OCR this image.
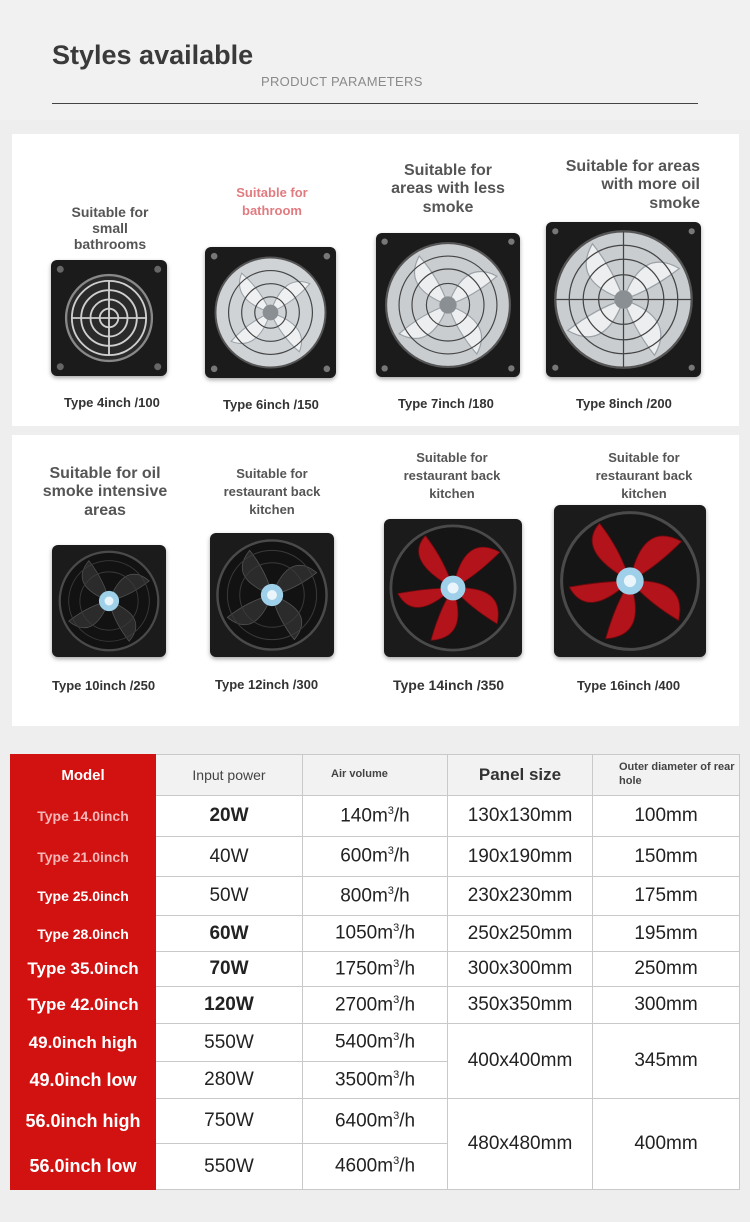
Styles available
PRODUCT PARAMETERS
Suitable for small bathrooms
Suitable for bathroom
Suitable for areas with less smoke
Suitable for areas with more oil smoke
Type 4inch /100	Type 6inch /150	Type 7inch /180	Type 8inch /200
Suitable for oil smoke intensive areas
Suitable for restaurant back kitchen
Suitable for restaurant back kitchen
Suitable for restaurant back kitchen
Type 10inch /250	Type 12inch /300	Type 14inch /350	Type 16inch /400
Model	Input power	Air volume	Panel size	Outer diameter of rear hole
Type 14.0inch	20W	$140m^3/h$	130x130mm	100mm
Type 21.0inch	40W	$600m^3/h$	190x190mm	150mm
Type 25.0inch	50W	$800m^3/h$	230x230mm	175mm
Type 28.0inch	60W	$1050m^3/h$	250x250mm	195mm
Type 35.0inch	70W	$1750m^3/h$	300x300mm	250mm
Type 42.0inch	120W	$2700m^3/h$	350x350mm	300mm
49.0inch high	550W	$5400m^3/h$	400x400mm	345mm
49.0inch low	280W	$3500m^3/h$		
56.0inch high	750W	$6400m^3/h$	480x480mm	400mm
56.0inch low	550W	$4600m^3/h$		
